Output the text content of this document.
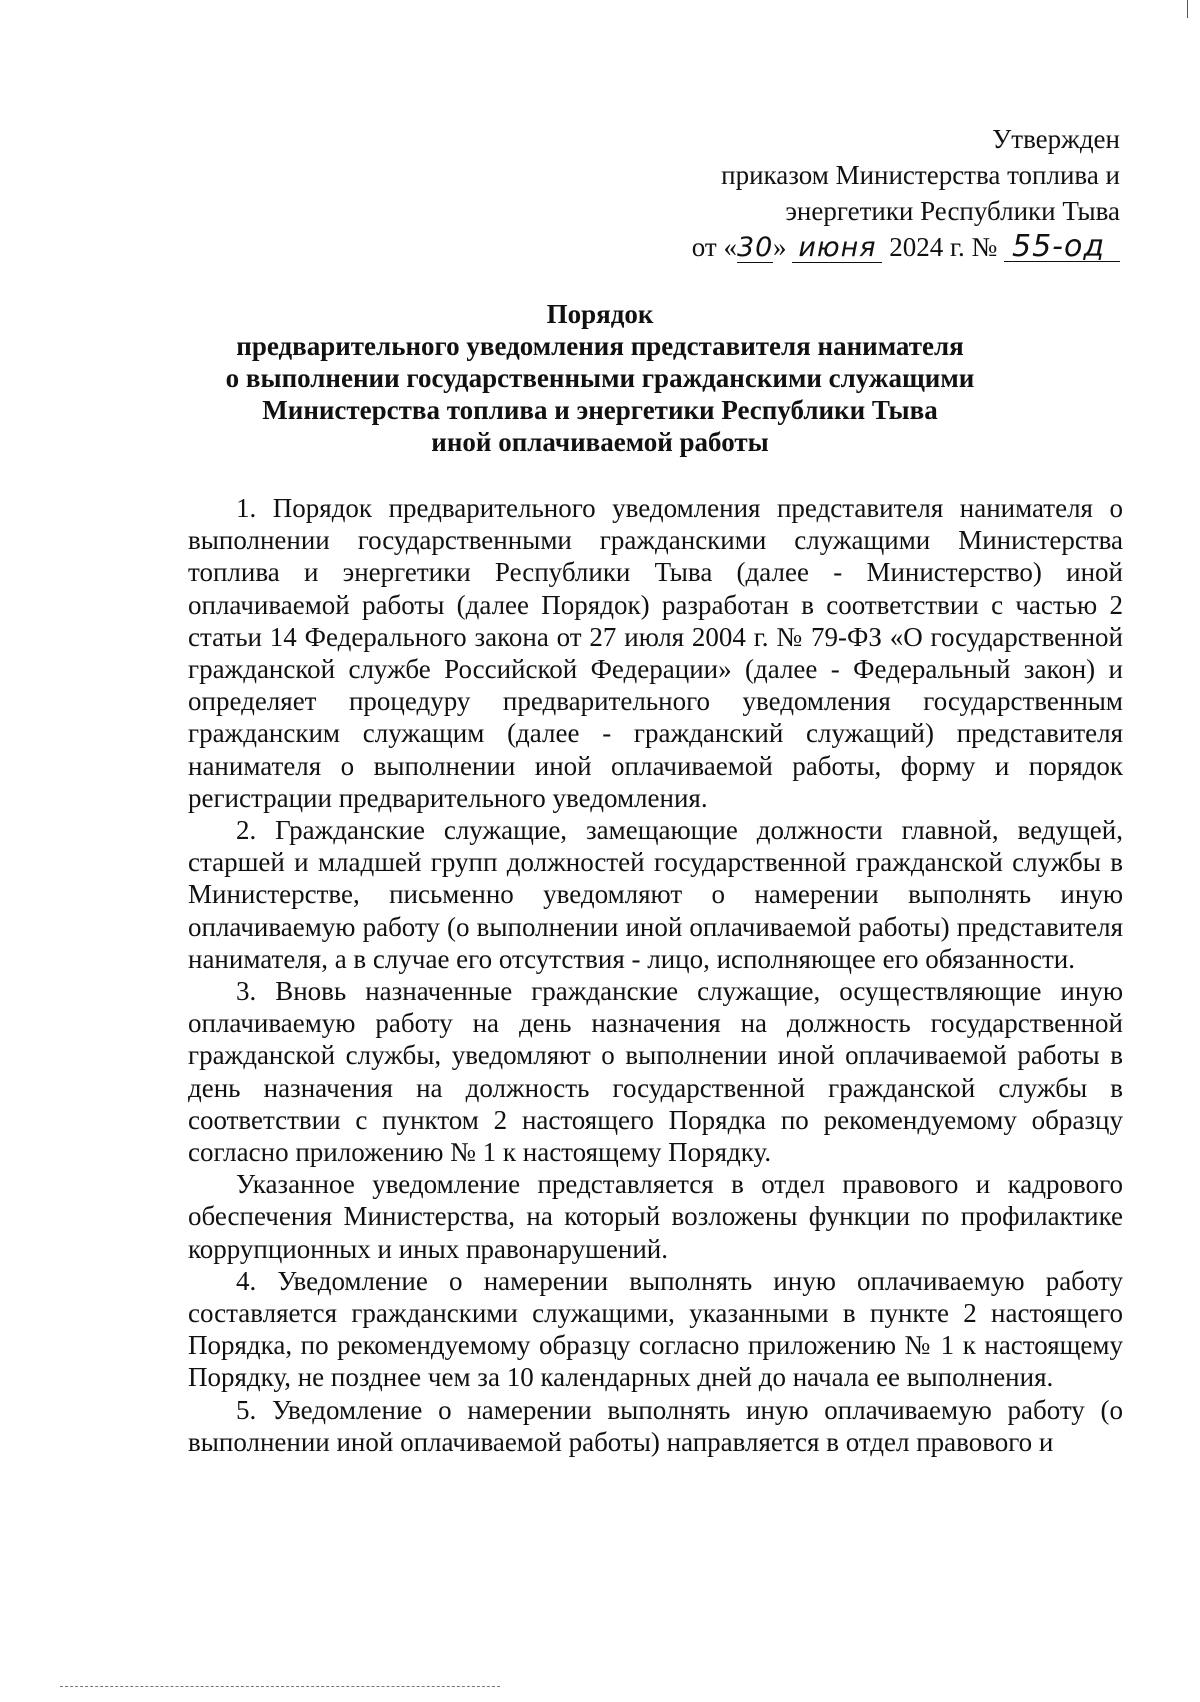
Утвержден
приказом Министерства топлива и
энергетики Республики Тыва
от «30» июня 2024 г. № 55-од
Порядок
предварительного уведомления представителя нанимателя
о выполнении государственными гражданскими служащими
Министерства топлива и энергетики Республики Тыва
иной оплачиваемой работы

1. Порядок предварительного уведомления представителя нанимателя о выполнении государственными гражданскими служащими Министерства топлива и энергетики Республики Тыва (далее - Министерство) иной оплачиваемой работы (далее Порядок) разработан в соответствии с частью 2 статьи 14 Федерального закона от 27 июля 2004 г. № 79-ФЗ «О государственной гражданской службе Российской Федерации» (далее - Федеральный закон) и определяет процедуру предварительного уведомления государственным гражданским служащим (далее - гражданский служащий) представителя нанимателя о выполнении иной оплачиваемой работы, форму и порядок регистрации предварительного уведомления.

2. Гражданские служащие, замещающие должности главной, ведущей, старшей и младшей групп должностей государственной гражданской службы в Министерстве, письменно уведомляют о намерении выполнять иную оплачиваемую работу (о выполнении иной оплачиваемой работы) представителя нанимателя, а в случае его отсутствия - лицо, исполняющее его обязанности.

3. Вновь назначенные гражданские служащие, осуществляющие иную оплачиваемую работу на день назначения на должность государственной гражданской службы, уведомляют о выполнении иной оплачиваемой работы в день назначения на должность государственной гражданской службы в соответствии с пунктом 2 настоящего Порядка по рекомендуемому образцу согласно приложению № 1 к настоящему Порядку.

Указанное уведомление представляется в отдел правового и кадрового обеспечения Министерства, на который возложены функции по профилактике коррупционных и иных правонарушений.

4. Уведомление о намерении выполнять иную оплачиваемую работу составляется гражданскими служащими, указанными в пункте 2 настоящего Порядка, по рекомендуемому образцу согласно приложению № 1 к настоящему Порядку, не позднее чем за 10 календарных дней до начала ее выполнения.

5. Уведомление о намерении выполнять иную оплачиваемую работу (о выполнении иной оплачиваемой работы) направляется в отдел правового и
